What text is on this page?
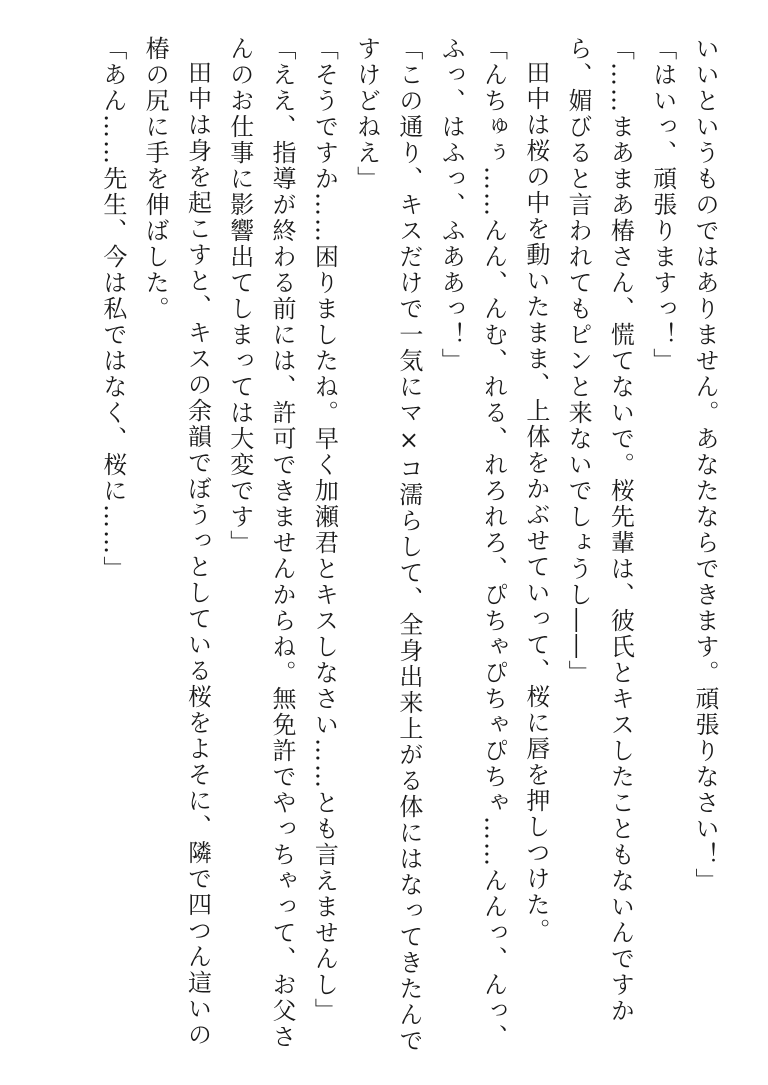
いいというものではありません。あなたならできます。頑張りなさい！」

「はいっ、頑張りますっ！」

「……まあまあ椿さん、慌てないで。桜先輩は、彼氏とキスしたこともないんですから、媚びると言われてもピンと来ないでしょうし――」

田中は桜の中を動いたまま、上体をかぶせていって、桜に唇を押しつけた。

「んちゅぅ……んん、んむ、れる、れろれろ、ぴちゃぴちゃぴちゃ……んんっ、んっ、ふっ、はふっ、ふああっ！」

「この通り、キスだけで一気にマ×コ濡らして、全身出来上がる体にはなってきたんですけどねえ」

「そうですか……困りましたね。早く加瀬君とキスしなさい……とも言えませんし」

「ええ、指導が終わる前には、許可できませんからね。無免許でやっちゃって、お父さんのお仕事に影響出てしまっては大変です」

田中は身を起こすと、キスの余韻でぼうっとしている桜をよそに、隣で四つん這いの椿の尻に手を伸ばした。

「あん……先生、今は私ではなく、桜に……」
